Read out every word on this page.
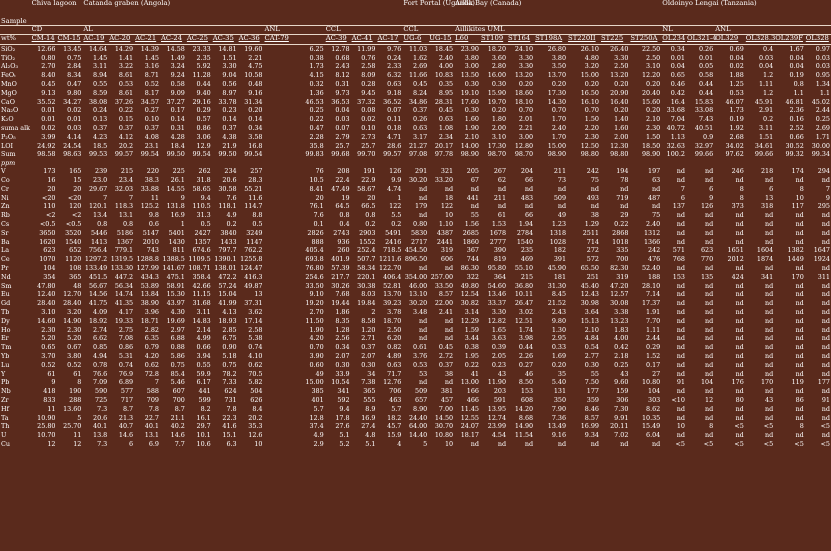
Sample	Chiva lagoon		Catanda graben (Angola)											Fort Portal (Uganda)		Aillik Bay (Canada)							Oldoinyo Lengai (Tanzania)					
	CD		AL							ANL	CCL			CCL		Aillikites UML							NL		ANL			
wt%	CM-14	CM-15	AC-19	AC-20	AC-21	AC-24	AC-25	AC-35	AC-36	CAT-79	AC-39	AC-41	AC-17	UG-6	UG-15	L60	ST109	ST164	ST198A	ST220II	ST225	ST250A	OL234	OL321-4	OL329	OL328.3	OL239F	OL328
SiO₂	12.66	13.45	14.64	14.29	14.39	14.58	23.33	14.81	19.60	6.25	12.78	11.99	9.76	11.03	18.45	23.90	18.20	24.10	26.80	26.10	26.40	22.50	0.34	0.26	0.69	0.4	1.67	0.97
TiO₂	0.80	0.75	1.45	1.41	1.45	1.49	2.35	1.51	2.21	0.38	0.68	0.76	0.24	1.62	2.40	3.80	3.60	3.30	3.80	4.80	3.30	2.50	0.01	0.01	0.04	0.03	0.04	0.03
Al₂O₃	2.70	2.84	3.11	3.22	3.16	3.24	5.92	3.30	4.75	1.73	2.43	2.58	2.33	2.69	4.00	3.00	2.80	3.30	3.50	3.20	2.50	3.10	0.04	0.05	0.02	0.04	0.04	0.03
FeOₜ	8.40	8.34	8.94	8.61	8.71	9.24	11.28	9.04	10.58	4.15	8.12	8.09	6.32	11.66	10.83	13.50	16.00	13.20	13.70	15.00	13.20	12.20	0.65	0.58	1.88	1.2	0.19	0.95
MnO	0.45	0.47	0.55	0.53	0.52	0.58	0.44	0.56	0.48	0.32	0.31	0.28	0.63	0.45	0.35	0.30	0.30	0.20	0.20	0.20	0.20	0.20	0.46	0.44	1.25	1.11	0.8	1.34
MgO	9.13	9.80	8.59	8.61	8.17	9.09	9.40	8.97	9.16	1.36	9.73	9.45	9.18	8.24	8.95	19.10	15.90	18.60	17.30	16.50	20.90	20.40	0.42	0.44	0.53	1.2	1.1	1.1
CaO	35.52	34.27	38.08	37.26	34.57	37.27	29.16	33.78	31.34	46.53	36.53	37.32	36.52	34.86	28.31	17.60	19.70	18.10	14.30	16.10	16.40	15.60	16.4	15.83	46.07	45.91	46.81	45.02
Na₂O	0.01	0.02	0.24	0.22	0.27	0.17	0.29	0.23	0.20	0.25	0.04	0.08	0.07	0.37	0.45	0.30	0.20	0.70	0.70	0.70	0.20	0.20	33.68	33.08	1.73	2.91	2.36	2.44
K₂O	0.01	0.01	0.13	0.15	0.10	0.14	0.57	0.14	0.14	0.22	0.03	0.02	0.11	0.26	0.63	1.60	1.80	2.01	1.70	1.50	1.40	2.10	7.04	7.43	0.19	0.2	0.16	0.25
suma alk	0.02	0.03	0.37	0.37	0.37	0.31	0.86	0.37	0.34	0.47	0.07	0.10	0.18	0.63	1.08	1.90	2.00	2.21	2.40	2.20	1.60	2.30	40.72	40.51	1.92	3.11	2.52	2.69
P₂O₅	3.99	4.14	4.23	4.12	4.08	4.28	3.06	4.38	3.58	2.28	2.79	2.73	4.71	3.17	2.34	2.10	3.10	3.00	1.70	2.30	2.00	1.50	1.13	0.9	2.68	1.51	0.66	1.71
LOI	24.92	24.54	18.5	20.2	23.1	18.4	12.9	21.9	16.8	35.8	25.7	25.7	28.6	21.27	20.17	14.00	17.30	12.80	15.00	12.50	12.30	18.50	32.63	32.97	34.02	34.61	30.52	30.00
Sum	98.58	98.63	99.53	99.57	99.54	99.50	99.54	99.50	99.54	99.83	99.68	99.70	99.57	97.08	97.78	98.90	98.70	98.70	98.90	98.80	98.80	98.90	100.2	99.66	97.62	99.66	99.32	99.34
ppm																												
V	173	165	239	215	220	225	262	234	257	76	208	191	126	291	321	205	267	204	211	242	194	197	nd	nd	246	218	174	294
Co	16	15	23.0	23.4	38.3	26.1	31.8	20.6	28.3	10.5	22.4	22.9	9.9	30.20	33.20	67	62	66	73	75	78	63	nd	nd	nd	nd	nd	nd
Cr	20	20	29.67	32.03	33.88	14.55	58.65	30.58	55.21	8.41	47.49	58.67	4.74	nd	nd	nd	nd	nd	nd	nd	nd	nd	7	6	8	6	8	7
Ni	<20	<20	7	7	11	9	9.4	7.6	11.6	20	19	20	1	nd	18	441	211	483	509	493	719	487	6	9	8	13	10	9
Zn	110	120	120.1	118.3	125.2	131.8	110.5	118.1	114.7	76.1	64.5	66.5	122	179	122	nd	nd	nd	nd	nd	nd	nd	137	126	373	318	117	295
Rb	<2	<2	13.4	13.1	9.8	16.9	31.3	4.9	8.8	7.6	0.8	0.8	5.5	nd	10	55	61	66	49	38	29	75	nd	nd	nd	nd	nd	nd
Cs	<0.5	<0.5	0.8	0.8	0.6	1	0.5	0.2	0.5	0.1	0.4	0.2	0.2	0.80	1.10	1.56	1.53	1.94	1.23	1.29	0.22	2.40	nd	nd	nd	nd	nd	nd
Sr	3650	3520	5446	5186	5147	5401	2427	3840	3249	2826	2743	2903	5491	5830	4387	2685	1678	2784	1318	2511	2868	1312	nd	nd	nd	nd	nd	nd
Ba	1620	1540	1413	1367	2010	1430	1357	1433	1147	888	936	1552	2416	2717	2441	1860	2777	1540	1028	714	1018	1366	nd	nd	nd	nd	nd	nd
La	623	652	756.4	779.1	743	811	674.6	797.7	762.2	405.4	260	252.4	718.5	454.50	319	367	390	235	182	272	335	242	571	623	1651	1604	1382	1647
Ce	1070	1120	1297.2	1319.5	1288.8	1388.5	1109.5	1390.1	1255.8	693.8	401.9	507.7	1211.6	896.50	606	744	819	469	391	572	700	476	768	770	2012	1874	1449	1924
Pr	104	108	133.49	133.30	127.99	141.67	108.71	138.01	124.47	76.80	57.39	58.34	122.70	nd	nd	86.30	95.80	55.10	45.90	65.50	82.30	52.40	nd	nd	nd	nd	nd	nd
Nd	354	365	451.5	447.2	434.3	475.1	358.4	472.2	416.3	254.6	217.7	220.1	406.4	354.00	257.00	322	364	215	181	251	319	188	153	135	424	341	170	311
Sm	47.80	48	56.67	56.34	53.89	58.91	42.66	57.24	49.87	33.50	30.26	30.38	52.81	46.00	33.50	49.80	54.60	36.80	31.30	45.40	47.20	28.10	nd	nd	nd	nd	nd	nd
Eu	12.40	12.70	14.56	14.74	13.84	15.30	11.15	15.04	13	9.10	7.68	8.03	13.70	13.10	8.57	12.54	13.46	10.11	8.45	12.43	12.57	7.14	nd	nd	nd	nd	nd	nd
Gd	28.40	28.40	41.75	41.35	38.90	43.97	31.68	41.99	37.31	19.20	19.44	19.84	39.23	30.20	22.00	30.82	33.37	26.47	21.52	30.98	30.08	17.37	nd	nd	nd	nd	nd	nd
Tb	3.10	3.20	4.09	4.17	3.96	4.30	3.11	4.13	3.62	2.70	1.86	2	3.78	3.48	2.41	3.14	3.30	3.02	2.43	3.64	3.38	1.91	nd	nd	nd	nd	nd	nd
Dy	14.60	14.90	18.92	19.33	18.71	19.69	14.83	18.93	17.14	11.50	8.35	8.58	18.70	nd	nd	12.29	12.82	12.51	9.80	15.13	13.23	7.70	nd	nd	nd	nd	nd	nd
Ho	2.30	2.30	2.74	2.75	2.82	2.97	2.14	2.85	2.58	1.90	1.28	1.20	2.50	nd	nd	1.59	1.65	1.74	1.30	2.10	1.83	1.11	nd	nd	nd	nd	nd	nd
Er	5.20	5.20	6.62	7.08	6.35	6.88	4.99	6.75	5.38	4.20	2.56	2.71	6.20	nd	nd	3.44	3.63	3.98	2.95	4.84	4.00	2.44	nd	nd	nd	nd	nd	nd
Tm	0.65	0.67	0.85	0.86	0.79	0.88	0.66	0.90	0.74	0.70	0.34	0.37	0.82	0.61	0.45	0.38	0.39	0.44	0.33	0.54	0.42	0.29	nd	nd	nd	nd	nd	nd
Yb	3.70	3.80	4.94	5.31	4.20	5.86	3.94	5.18	4.10	3.90	2.07	2.07	4.89	3.76	2.72	1.95	2.05	2.26	1.69	2.77	2.18	1.52	nd	nd	nd	nd	nd	nd
Lu	0.52	0.52	0.78	0.74	0.62	0.75	0.55	0.75	0.62	0.60	0.30	0.30	0.63	0.53	0.37	0.22	0.23	0.27	0.20	0.30	0.25	0.17	nd	nd	nd	nd	nd	nd
Y	61	61	76.6	76.9	72.8	85.4	59.9	78.2	70.5	49	33.9	34	71.7	53	38	41	43	46	35	55	43	27	nd	nd	nd	nd	nd	nd
Pb	9	8	7.09	6.89	7	5.46	6.17	7.33	5.82	15.00	10.54	7.38	12.76	nd	nd	13.00	11.90	8.50	5.40	7.50	9.60	10.80	91	104	176	170	119	177
Nb	418	190	590	577	588	607	441	624	504	385	341	365	706	509	381	166	203	153	131	177	159	104	nd	nd	nd	nd	nd	nd
Zr	833	288	725	717	709	700	599	731	626	401	592	555	463	657	457	466	591	608	350	359	306	303	<10	12	80	43	86	91
Hf	11	13.60	7.3	8.7	7.8	8.7	8.2	7.8	8.4	5.7	9.4	8.9	5.7	8.90	7.00	11.45	13.95	14.20	7.90	8.46	7.30	8.62	nd	nd	nd	nd	nd	nd
Ta	10.90	5	20.6	21.3	22.7	21.1	16.1	22.3	20.2	12.8	17.8	16.9	18.2	24.40	14.50	12.55	12.74	8.68	7.36	8.57	9.91	10.35	nd	nd	nd	nd	nd	nd
Th	25.80	25.70	40.1	40.7	40.1	40.2	29.7	41.6	35.3	37.4	27.6	27.4	45.7	64.00	30.70	24.07	23.99	14.90	13.49	16.99	20.11	15.49	10	8	<5	<5	8	<5
U	10.70	11	13.8	14.6	13.1	14.6	10.1	15.1	12.6	4.9	5.1	4.8	15.9	14.40	10.80	18.17	4.54	11.54	9.16	9.34	7.02	6.04	nd	nd	nd	nd	nd	nd
Cu	12	12	7.3	6	6.9	7.7	10.6	6.3	10	2.9	5.2	5.1	4	5	10	nd	nd	nd	nd	nd	nd	nd	<5	<5	<5	<5	<5	<5
